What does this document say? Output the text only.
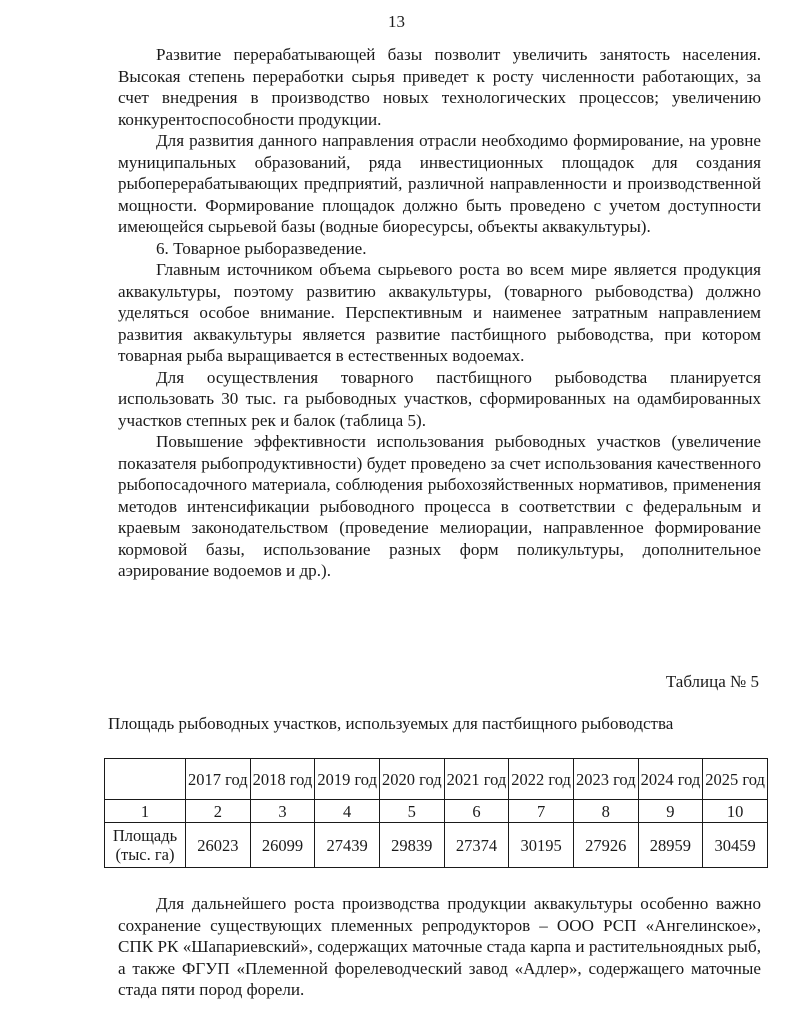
13

Развитие перерабатывающей базы позволит увеличить занятость населения. Высокая степень переработки сырья приведет к росту численности работающих, за счет внедрения в производство новых технологических процессов; увеличению конкурентоспособности продукции.

Для развития данного направления отрасли необходимо формирование, на уровне муниципальных образований, ряда инвестиционных площадок для создания рыбоперерабатывающих предприятий, различной направленности и производственной мощности. Формирование площадок должно быть проведено с учетом доступности имеющейся сырьевой базы (водные биоресурсы, объекты аквакультуры).

6. Товарное рыборазведение.

Главным источником объема сырьевого роста во всем мире является продукция аквакультуры, поэтому развитию аквакультуры, (товарного рыбоводства) должно уделяться особое внимание. Перспективным и наименее затратным направлением развития аквакультуры является развитие пастбищного рыбоводства, при котором товарная рыба выращивается в естественных водоемах.

Для осуществления товарного пастбищного рыбоводства планируется использовать 30 тыс. га рыбоводных участков, сформированных на одамбированных участков степных рек и балок (таблица 5).

Повышение эффективности использования рыбоводных участков (увеличение показателя рыбопродуктивности) будет проведено за счет использования качественного рыбопосадочного материала, соблюдения рыбохозяйственных нормативов, применения методов интенсификации рыбоводного процесса в соответствии с федеральным и краевым законодательством (проведение мелиорации, направленное формирование кормовой базы, использование разных форм поликультуры, дополнительное аэрирование водоемов и др.).

Таблица № 5
Площадь рыбоводных участков, используемых для пастбищного рыбоводства
	2017 год	2018 год	2019 год	2020 год	2021 год	2022 год	2023 год	2024 год	2025 год
1	2	3	4	5	6	7	8	9	10
Площадь (тыс. га)	26023	26099	27439	29839	27374	30195	27926	28959	30459

Для дальнейшего роста производства продукции аквакультуры особенно важно сохранение существующих племенных репродукторов – ООО РСП «Ангелинское», СПК РК «Шапариевский», содержащих маточные стада карпа и растительноядных рыб, а также ФГУП «Племенной форелеводческий завод «Адлер», содержащего маточные стада пяти пород форели.
